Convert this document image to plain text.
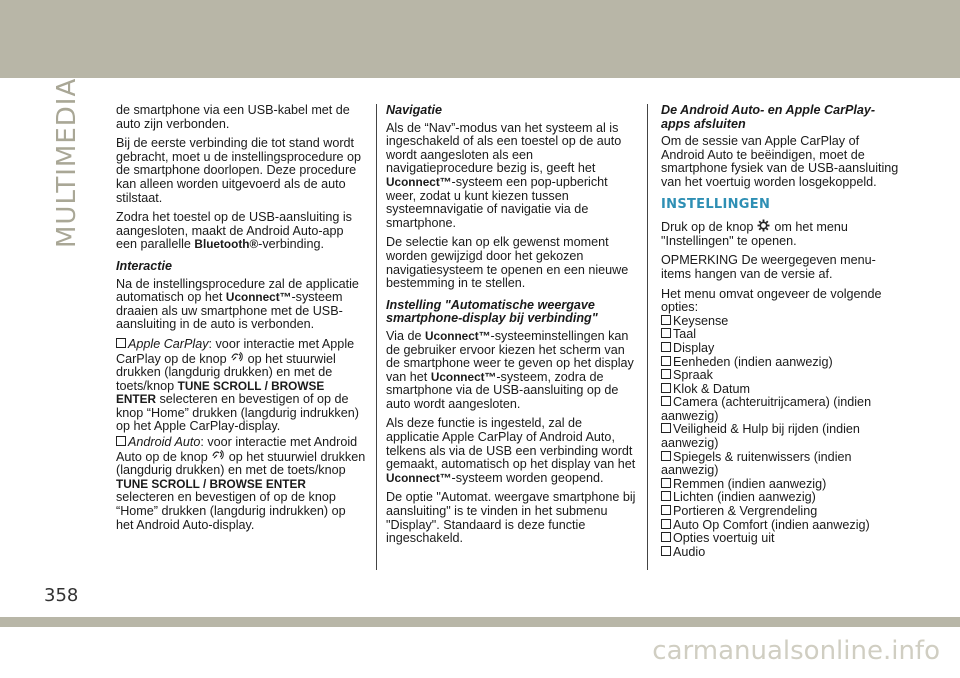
MULTIMEDIA	de smartphone via een USB-kabel met de auto zijn verbonden.

Bij de eerste verbinding die tot stand wordt gebracht, moet u de instellingsprocedure op de smartphone doorlopen. Deze procedure kan alleen worden uitgevoerd als de auto stilstaat.

Zodra het toestel op de USB-aansluiting is aangesloten, maakt de Android Auto-app een parallelle Bluetooth®-verbinding.

Interactie

Na de instellingsprocedure zal de applicatie automatisch op het Uconnect™-systeem draaien als uw smartphone met de USB-aansluiting in de auto is verbonden.

Apple CarPlay: voor interactie met Apple CarPlay op de knop  op het stuurwiel drukken (langdurig drukken) en met de toets/knop TUNE SCROLL / BROWSE ENTER selecteren en bevestigen of op de knop “Home” drukken (langdurig indrukken) op het Apple CarPlay-display.

Android Auto: voor interactie met Android Auto op de knop  op het stuurwiel drukken (langdurig drukken) en met de toets/knop TUNE SCROLL / BROWSE ENTER selecteren en bevestigen of op de knop “Home” drukken (langdurig indrukken) op het Android Auto-display.

Navigatie

Als de “Nav”-modus van het systeem al is ingeschakeld of als een toestel op de auto wordt aangesloten als een navigatieprocedure bezig is, geeft het Uconnect™-systeem een pop-upbericht weer, zodat u kunt kiezen tussen systeemnavigatie of navigatie via de smartphone.

De selectie kan op elk gewenst moment worden gewijzigd door het gekozen navigatiesysteem te openen en een nieuwe bestemming in te stellen.

Instelling "Automatische weergave smartphone-display bij verbinding"

Via de Uconnect™-systeeminstellingen kan de gebruiker ervoor kiezen het scherm van de smartphone weer te geven op het display van het Uconnect™-systeem, zodra de smartphone via de USB-aansluiting op de auto wordt aangesloten.

Als deze functie is ingesteld, zal de applicatie Apple CarPlay of Android Auto, telkens als via de USB een verbinding wordt gemaakt, automatisch op het display van het Uconnect™-systeem worden geopend.

De optie "Automat. weergave smartphone bij aansluiting" is te vinden in het submenu "Display". Standaard is deze functie ingeschakeld.

De Android Auto- en Apple CarPlay-apps afsluiten

Om de sessie van Apple CarPlay of Android Auto te beëindigen, moet de smartphone fysiek van de USB-aansluiting van het voertuig worden losgekoppeld.

INSTELLINGEN

Druk op de knop  om het menu "Instellingen" te openen.

OPMERKING De weergegeven menu-items hangen van de versie af.

Het menu omvat ongeveer de volgende opties:

Keysense
Taal
Display
Eenheden (indien aanwezig)
Spraak
Klok & Datum
Camera (achteruitrijcamera) (indien aanwezig)
Veiligheid & Hulp bij rijden (indien aanwezig)
Spiegels & ruitenwissers (indien aanwezig)
Remmen (indien aanwezig)
Lichten (indien aanwezig)
Portieren & Vergrendeling
Auto Op Comfort (indien aanwezig)
Opties voertuig uit
Audio
358
carmanualsonline.info
